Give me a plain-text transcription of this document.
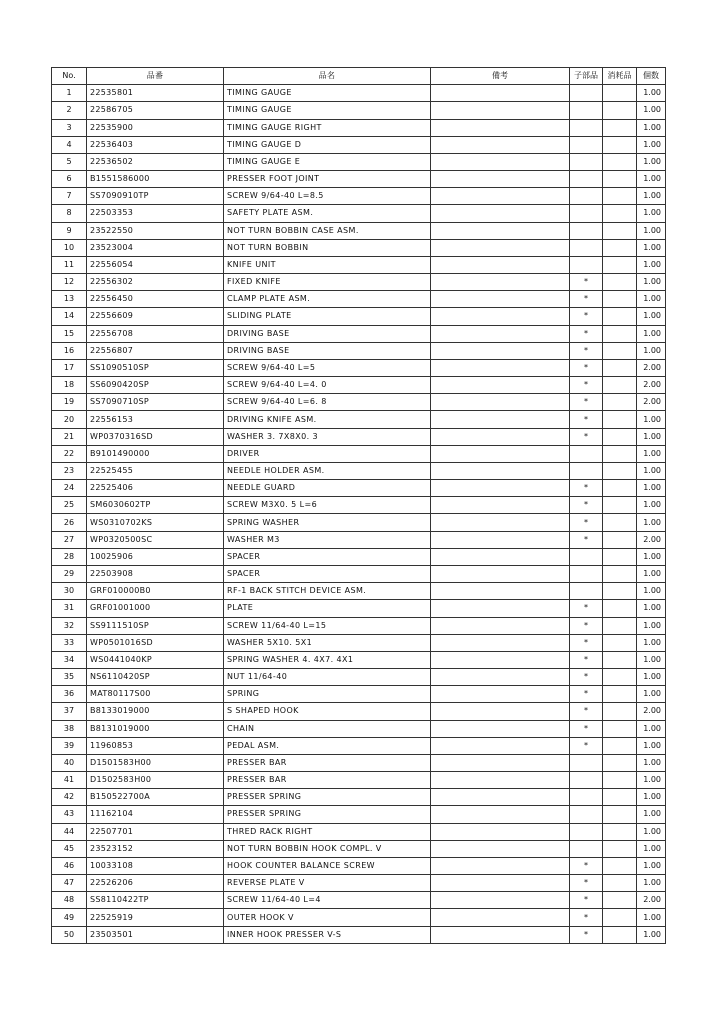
No.	品番	品名	備考	子部品	消耗品	個数
1	22535801	TIMING GAUGE				1.00
2	22586705	TIMING GAUGE				1.00
3	22535900	TIMING GAUGE RIGHT				1.00
4	22536403	TIMING GAUGE D				1.00
5	22536502	TIMING GAUGE E				1.00
6	B1551586000	PRESSER FOOT JOINT				1.00
7	SS7090910TP	SCREW 9/64-40 L=8.5				1.00
8	22503353	SAFETY PLATE ASM.				1.00
9	23522550	NOT TURN BOBBIN CASE ASM.				1.00
10	23523004	NOT TURN BOBBIN				1.00
11	22556054	KNIFE UNIT				1.00
12	22556302	FIXED KNIFE		*		1.00
13	22556450	CLAMP PLATE ASM.		*		1.00
14	22556609	SLIDING PLATE		*		1.00
15	22556708	DRIVING BASE		*		1.00
16	22556807	DRIVING BASE		*		1.00
17	SS1090510SP	SCREW 9/64-40 L=5		*		2.00
18	SS6090420SP	SCREW 9/64-40 L=4. 0		*		2.00
19	SS7090710SP	SCREW 9/64-40 L=6. 8		*		2.00
20	22556153	DRIVING KNIFE ASM.		*		1.00
21	WP0370316SD	WASHER 3. 7X8X0. 3		*		1.00
22	B9101490000	DRIVER				1.00
23	22525455	NEEDLE HOLDER ASM.				1.00
24	22525406	NEEDLE GUARD		*		1.00
25	SM6030602TP	SCREW M3X0. 5 L=6		*		1.00
26	WS0310702KS	SPRING WASHER		*		1.00
27	WP0320500SC	WASHER M3		*		2.00
28	10025906	SPACER				1.00
29	22503908	SPACER				1.00
30	GRF010000B0	RF-1 BACK STITCH DEVICE ASM.				1.00
31	GRF01001000	PLATE		*		1.00
32	SS9111510SP	SCREW 11/64-40 L=15		*		1.00
33	WP0501016SD	WASHER 5X10. 5X1		*		1.00
34	WS0441040KP	SPRING WASHER 4. 4X7. 4X1		*		1.00
35	NS6110420SP	NUT 11/64-40		*		1.00
36	MAT80117S00	SPRING		*		1.00
37	B8133019000	S SHAPED HOOK		*		2.00
38	B8131019000	CHAIN		*		1.00
39	11960853	PEDAL ASM.		*		1.00
40	D1501583H00	PRESSER BAR				1.00
41	D1502583H00	PRESSER BAR				1.00
42	B150522700A	PRESSER SPRING				1.00
43	11162104	PRESSER SPRING				1.00
44	22507701	THRED RACK RIGHT				1.00
45	23523152	NOT TURN BOBBIN HOOK COMPL. V				1.00
46	10033108	HOOK COUNTER BALANCE SCREW		*		1.00
47	22526206	REVERSE PLATE V		*		1.00
48	SS8110422TP	SCREW 11/64-40 L=4		*		2.00
49	22525919	OUTER HOOK V		*		1.00
50	23503501	INNER HOOK PRESSER V-S		*		1.00
